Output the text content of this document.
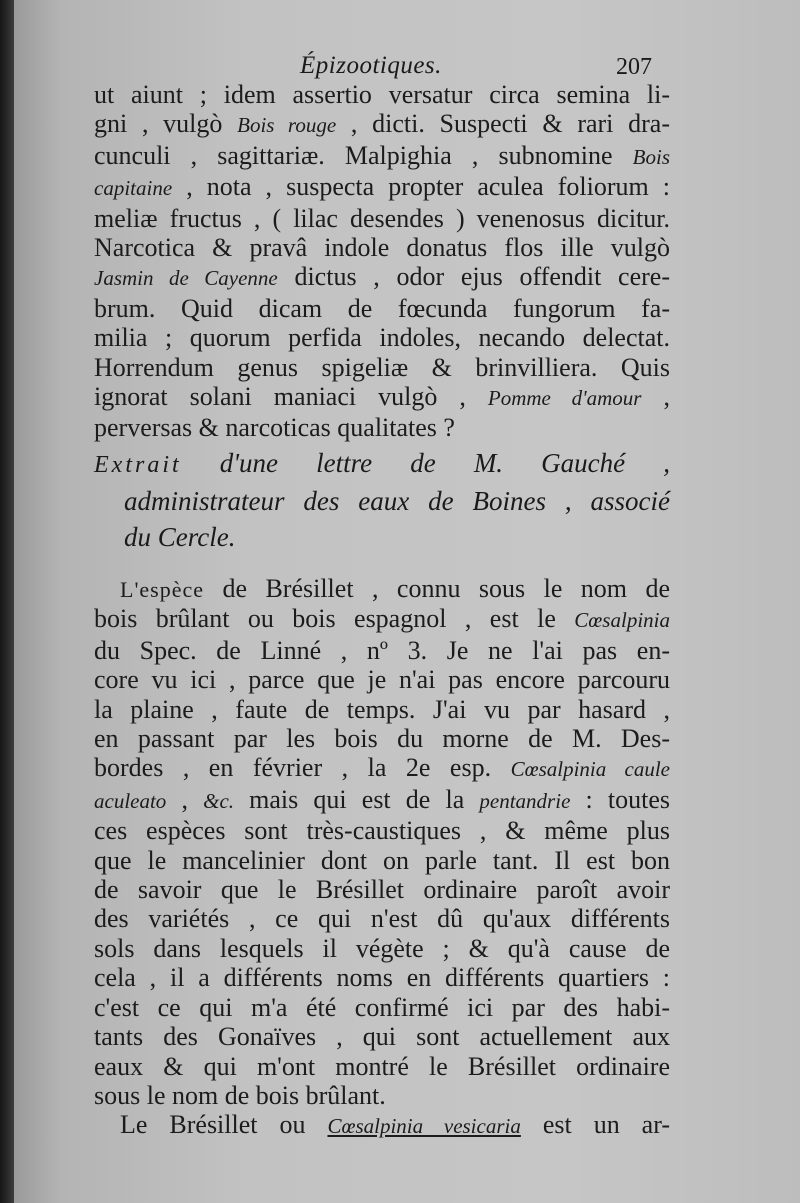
Épizootiques.	207
ut aiunt ; idem assertio versatur circa semina li-
gni , vulgò Bois rouge , dicti. Suspecti & rari dra-
cunculi , sagittariæ. Malpighia , subnomine Bois
capitaine , nota , suspecta propter aculea foliorum :
meliæ fructus , ( lilac desendes ) venenosus dicitur.
Narcotica & pravâ indole donatus flos ille vulgò
Jasmin de Cayenne dictus , odor ejus offendit cere-
brum. Quid dicam de fœcunda fungorum fa-
milia ; quorum perfida indoles, necando delectat.
Horrendum genus spigeliæ & brinvilliera. Quis
ignorat solani maniaci vulgò , Pomme d'amour ,
perversas & narcoticas qualitates ?
Extrait d'une lettre de M. Gauché ,
administrateur des eaux de Boines , associé
du Cercle.
L'espèce de Brésillet , connu sous le nom de
bois brûlant ou bois espagnol , est le Cœsalpinia
du Spec. de Linné , nº 3. Je ne l'ai pas en-
core vu ici , parce que je n'ai pas encore parcouru
la plaine , faute de temps. J'ai vu par hasard ,
en passant par les bois du morne de M. Des-
bordes , en février , la 2e esp. Cœsalpinia caule
aculeato , &c. mais qui est de la pentandrie : toutes
ces espèces sont très-caustiques , & même plus
que le mancelinier dont on parle tant. Il est bon
de savoir que le Brésillet ordinaire paroît avoir
des variétés , ce qui n'est dû qu'aux différents
sols dans lesquels il végète ; & qu'à cause de
cela , il a différents noms en différents quartiers :
c'est ce qui m'a été confirmé ici par des habi-
tants des Gonaïves , qui sont actuellement aux
eaux & qui m'ont montré le Brésillet ordinaire
sous le nom de bois brûlant.
Le Brésillet ou Cœsalpinia vesicaria est un ar-
